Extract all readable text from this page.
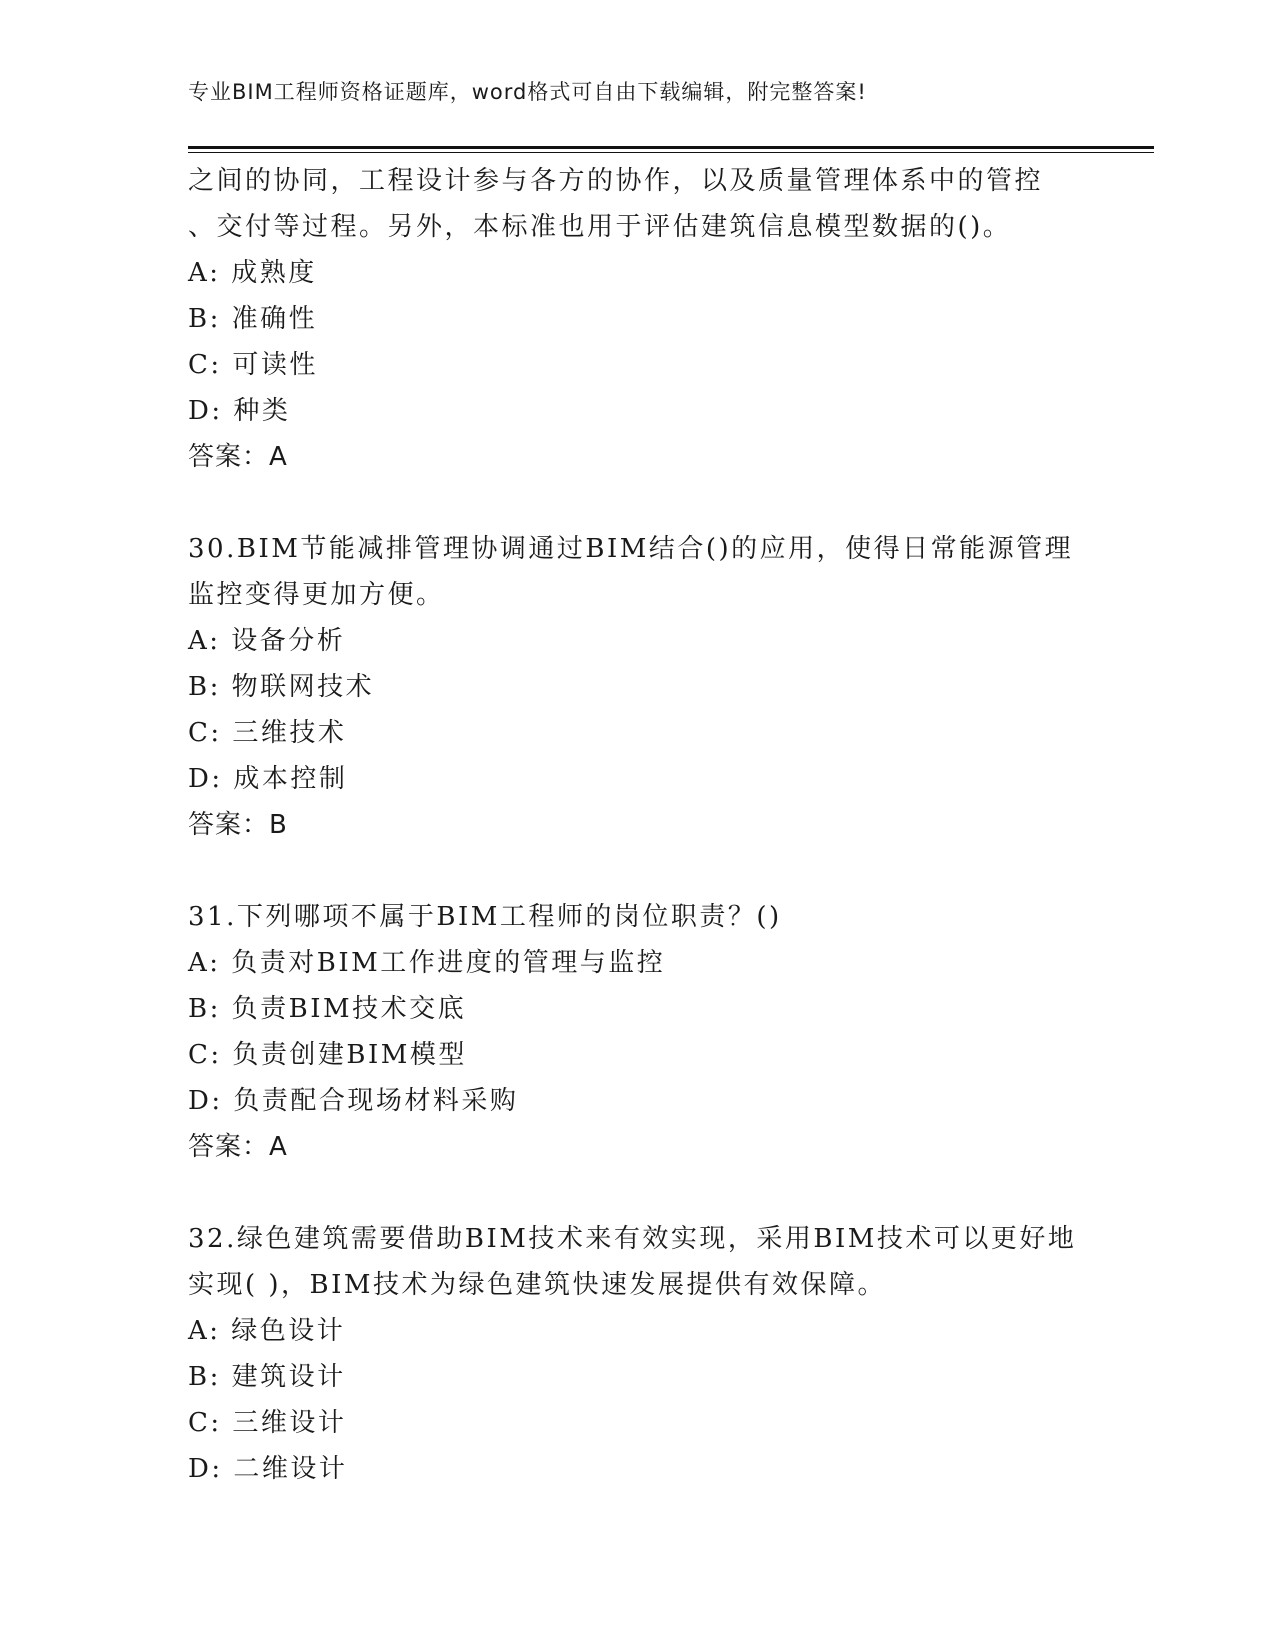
专业BIM工程师资格证题库，word格式可自由下载编辑，附完整答案!
之间的协同，工程设计参与各方的协作，以及质量管理体系中的管控
、交付等过程。另外，本标准也用于评估建筑信息模型数据的()。
A: 成熟度
B: 准确性
C: 可读性
D: 种类
答案：A
30.BIM节能减排管理协调通过BIM结合()的应用，使得日常能源管理
监控变得更加方便。
A: 设备分析
B: 物联网技术
C: 三维技术
D: 成本控制
答案：B
31.下列哪项不属于BIM工程师的岗位职责？()
A: 负责对BIM工作进度的管理与监控
B: 负责BIM技术交底
C: 负责创建BIM模型
D: 负责配合现场材料采购
答案：A
32.绿色建筑需要借助BIM技术来有效实现，采用BIM技术可以更好地
实现( )，BIM技术为绿色建筑快速发展提供有效保障。
A: 绿色设计
B: 建筑设计
C: 三维设计
D: 二维设计
